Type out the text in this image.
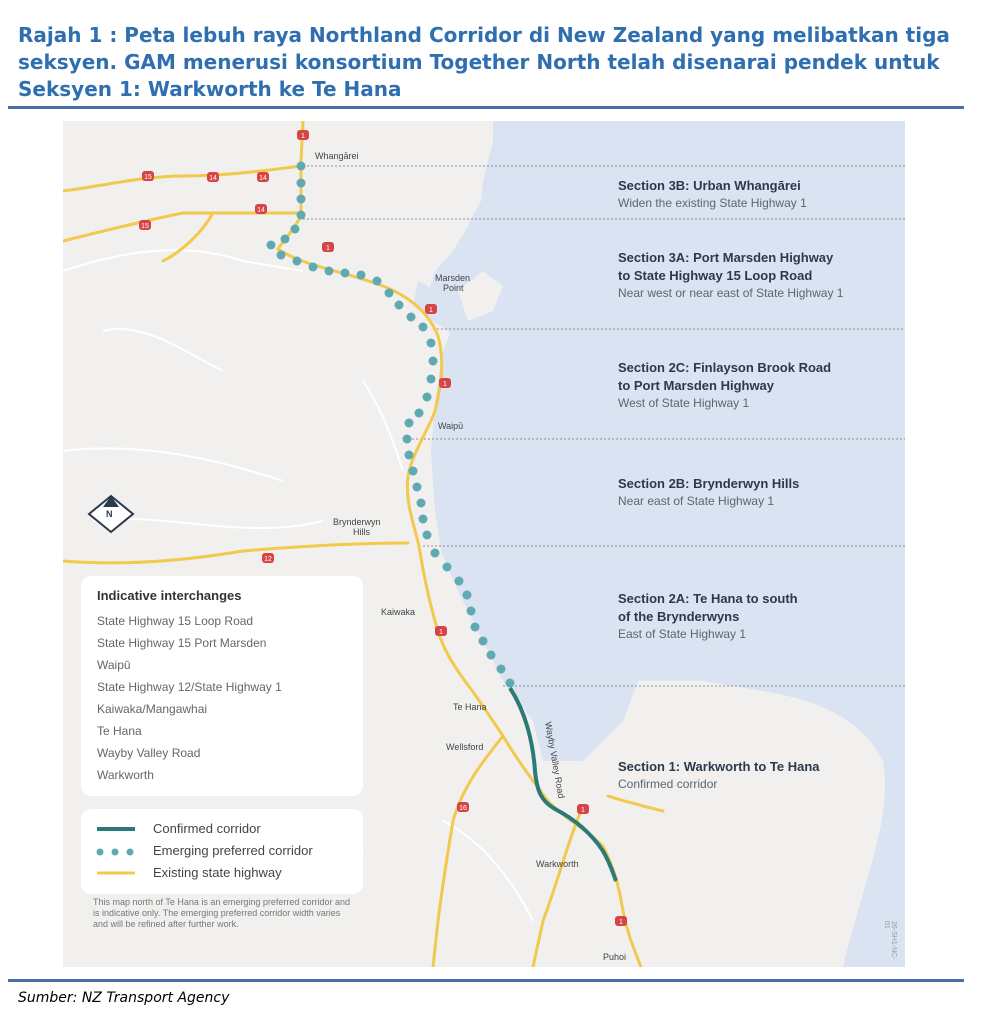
Rajah 1 : Peta lebuh raya Northland Corridor di New Zealand yang melibatkan tiga
seksyen. GAM menerusi konsortium Together North telah disenarai pendek untuk
Seksyen 1: Warkworth ke Te Hana
1
14
14
15
14
15
1
1
1
1
12
16	1
1
Whangārei
Marsden
Point
Waipū
Brynderwyn
Hills
Kaiwaka
Te Hana
Wellsford
Warkworth
Puhoi
Wayby Valley Road
N
Section 3B: Urban Whangārei
Widen the existing State Highway 1
Section 3A: Port Marsden Highway
to State Highway 15 Loop Road
Near west or near east of State Highway 1
Section 2C: Finlayson Brook Road
to Port Marsden Highway
West of State Highway 1
Section 2B: Brynderwyn Hills
Near east of State Highway 1
Section 2A: Te Hana to south
of the Brynderwyns
East of State Highway 1
Section 1: Warkworth to Te Hana
Confirmed corridor
Indicative interchanges
State Highway 15 Loop Road
State Highway 15 Port Marsden
Waipū
State Highway 12/State Highway 1
Kaiwaka/Mangawhai
Te Hana
Wayby Valley Road
Warkworth
Confirmed corridor
Emerging preferred corridor
Existing state highway
This map north of Te Hana is an emerging preferred corridor and is indicative only. The emerging preferred corridor width varies and will be refined after further work.	26-SH1-NC-01
Sumber: NZ Transport Agency
